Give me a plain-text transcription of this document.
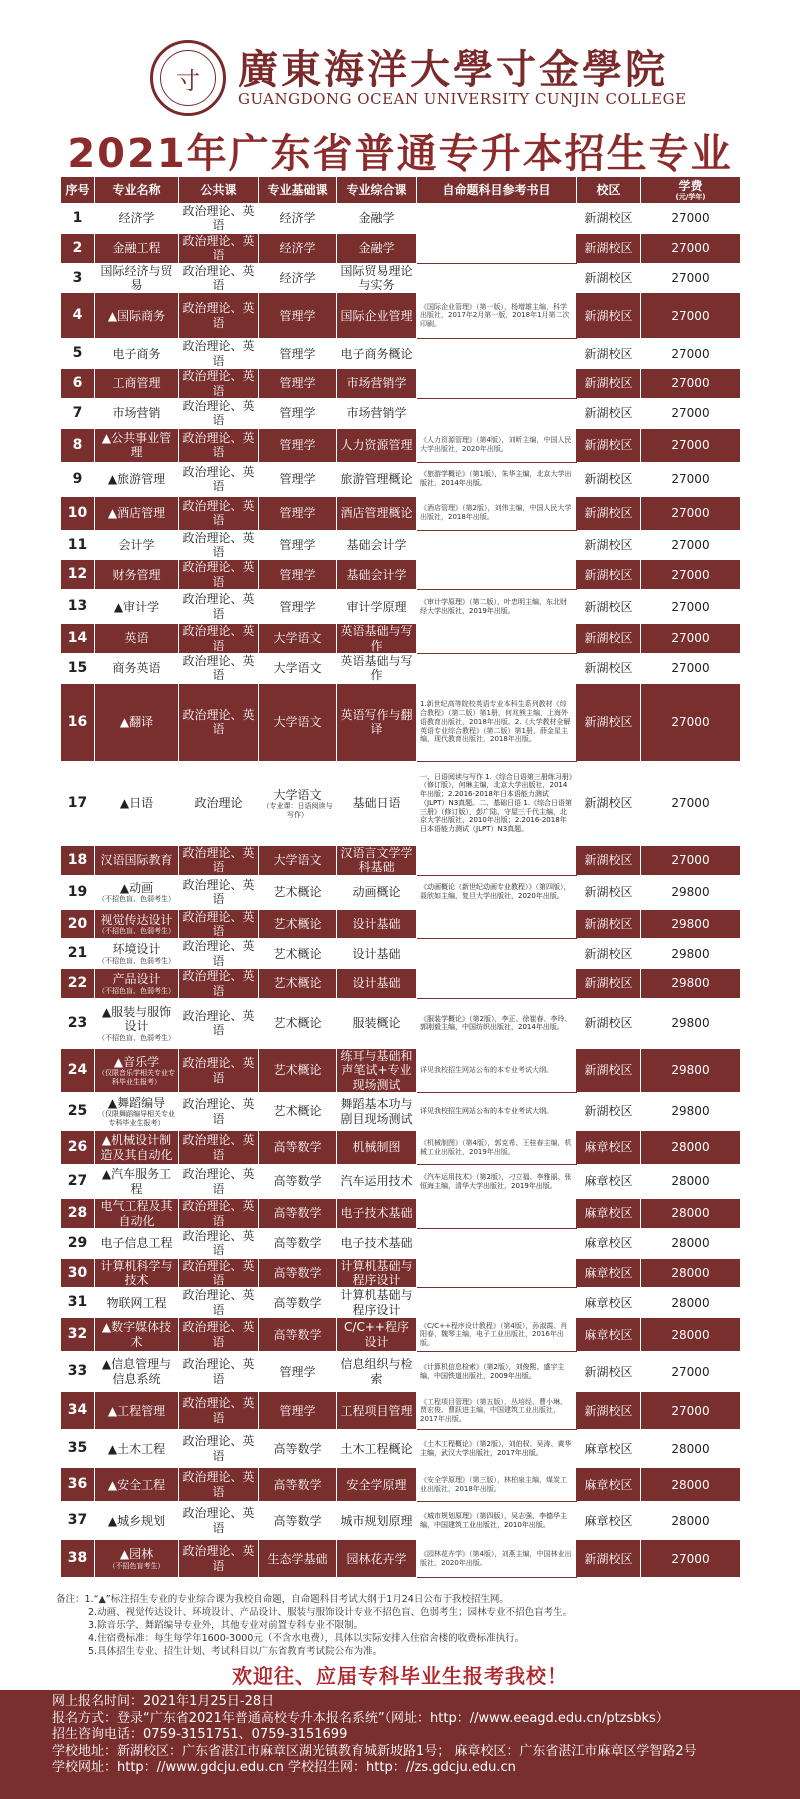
寸 廣東海洋大學寸金學院
GUANGDONG OCEAN UNIVERSITY CUNJIN COLLEGE
2021年广东省普通专升本招生专业
序号	专业名称	公共课	专业基础课	专业综合课	自命题科目参考书目	校区	学费
(元/学年)

1	经济学	政治理论、英语	经济学	金融学		新湖校区	27000
2	金融工程	政治理论、英语	经济学	金融学		新湖校区	27000
3	国际经济与贸易	政治理论、英语	经济学	国际贸易理论与实务		新湖校区	27000
4	▲国际商务	政治理论、英语	管理学	国际企业管理	《国际企业管理》（第一版），杨增雄主编，科学出版社，2017年2月第一版，2018年1月第二次印刷。	新湖校区	27000
5	电子商务	政治理论、英语	管理学	电子商务概论		新湖校区	27000
6	工商管理	政治理论、英语	管理学	市场营销学		新湖校区	27000
7	市场营销	政治理论、英语	管理学	市场营销学		新湖校区	27000
8	▲公共事业管理	政治理论、英语	管理学	人力资源管理	《人力资源管理》（第4版），刘昕主编，中国人民大学出版社，2020年出版。	新湖校区	27000
9	▲旅游管理	政治理论、英语	管理学	旅游管理概论	《旅游学概论》（第1版），朱华主编，北京大学出版社，2014年出版。	新湖校区	27000
10	▲酒店管理	政治理论、英语	管理学	酒店管理概论	《酒店管理》（第2版），刘伟主编，中国人民大学出版社，2018年出版。	新湖校区	27000
11	会计学	政治理论、英语	管理学	基础会计学		新湖校区	27000
12	财务管理	政治理论、英语	管理学	基础会计学		新湖校区	27000
13	▲审计学	政治理论、英语	管理学	审计学原理	《审计学原理》（第二版），叶忠明主编，东北财经大学出版社，2019年出版。	新湖校区	27000
14	英语	政治理论、英语	大学语文	英语基础与写作		新湖校区	27000
15	商务英语	政治理论、英语	大学语文	英语基础与写作		新湖校区	27000
16	▲翻译	政治理论、英语	大学语文	英语写作与翻译	1.新世纪高等院校英语专业本科生系列教材《综合教程》（第二版）第1册，何兆熊主编，上海外语教育出版社，2018年出版。2.《大学教材全解英语专业综合教程》（第二版）第1册，薛金星主编，现代教育出版社，2018年出版。	新湖校区	27000
17	▲日语	政治理论	大学语文
（专业课：日语阅读与写作）	基础日语	一、日语阅读与写作 1.《综合日语第三册练习册》（修订版），何琳主编，北京大学出版社，2014年出版；2.2016-2018年日本语能力测试（JLPT）N3真题。二、基础日语 1.《综合日语第三册》（修订版），彭广陆、守屋三千代主编，北京大学出版社，2010年出版；2.2016-2018年日本语能力测试（JLPT）N3真题。	新湖校区	27000
18	汉语国际教育	政治理论、英语	大学语文	汉语言文学学科基础		新湖校区	27000
19	▲动画
（不招色盲、色弱考生）	政治理论、英语	艺术概论	动画概论	《动画概论（新世纪动画专业教程）》（第四版），聂欣如主编，复旦大学出版社，2020年出版。	新湖校区	29800
20	视觉传达设计
（不招色盲、色弱考生）	政治理论、英语	艺术概论	设计基础		新湖校区	29800
21	环境设计
（不招色盲、色弱考生）	政治理论、英语	艺术概论	设计基础		新湖校区	29800
22	产品设计
（不招色盲、色弱考生）	政治理论、英语	艺术概论	设计基础		新湖校区	29800
23	▲服装与服饰设计
（不招色盲、色弱考生）	政治理论、英语	艺术概论	服装概论	《服装学概论》（第2版），李正、徐崔春、李玲、郭刚毅主编，中国纺织出版社，2014年出版。	新湖校区	29800
24	▲音乐学
（仅限音乐学相关专业专科毕业生报考）	政治理论、英语	艺术概论	练耳与基础和声笔试+专业现场测试	详见我校招生网站公布的本专业考试大纲。	新湖校区	29800
25	▲舞蹈编导
（仅限舞蹈编导相关专业专科毕业生报考）	政治理论、英语	艺术概论	舞蹈基本功与剧目现场测试	详见我校招生网站公布的本专业考试大纲。	新湖校区	29800
26	▲机械设计制造及其自动化	政治理论、英语	高等数学	机械制图	《机械制图》（第4版），郭克希、王桂春主编，机械工业出版社，2019年出版。	麻章校区	28000
27	▲汽车服务工程	政治理论、英语	高等数学	汽车运用技术	《汽车运用技术》（第2版），刁立福、李雅丽、张恒海主编，清华大学出版社，2019年出版。	麻章校区	28000
28	电气工程及其自动化	政治理论、英语	高等数学	电子技术基础		麻章校区	28000
29	电子信息工程	政治理论、英语	高等数学	电子技术基础		麻章校区	28000
30	计算机科学与技术	政治理论、英语	高等数学	计算机基础与程序设计		麻章校区	28000
31	物联网工程	政治理论、英语	高等数学	计算机基础与程序设计		麻章校区	28000
32	▲数字媒体技术	政治理论、英语	高等数学	C/C++程序设计	《C/C++程序设计教程》（第4版），孙淑霞、肖阳春、魏琴主编，电子工业出版社，2016年出版。	麻章校区	28000
33	▲信息管理与信息系统	政治理论、英语	管理学	信息组织与检索	《计算机信息检索》（第2版），刘俊熙、盛宇主编，中国铁道出版社，2009年出版。	新湖校区	27000
34	▲工程管理	政治理论、英语	管理学	工程项目管理	《工程项目管理》（第五版），丛培经、曹小琳、贾宏俊、曹跃进主编，中国建筑工业出版社，2017年出版。	新湖校区	27000
35	▲土木工程	政治理论、英语	高等数学	土木工程概论	《土木工程概论》（第2版），刘伯权、吴涛、黄华主编，武汉大学出版社，2017年出版。	麻章校区	28000
36	▲安全工程	政治理论、英语	高等数学	安全学原理	《安全学原理》（第三版），林柏泉主编，煤炭工业出版社，2018年出版。	麻章校区	28000
37	▲城乡规划	政治理论、英语	高等数学	城市规划原理	《城市规划原理》（第四版），吴志强、李德华主编，中国建筑工业出版社，2010年出版。	麻章校区	28000
38	▲园林
（不招色盲考生）	政治理论、英语	生态学基础	园林花卉学	《园林花卉学》（第4版），刘燕主编，中国林业出版社，2020年出版。	新湖校区	27000
备注：1.“▲”标注招生专业的专业综合课为我校自命题，自命题科目考试大纲于1月24日公布于我校招生网。
2.动画、视觉传达设计、环境设计、产品设计、服装与服饰设计专业不招色盲、色弱考生；园林专业不招色盲考生。
3.除音乐学、舞蹈编导专业外，其他专业对前置专科专业不限制。
4.住宿费标准：每生每学年1600-3000元（不含水电费），具体以实际安排入住宿舍楼的收费标准执行。
5.具体招生专业、招生计划、考试科目以广东省教育考试院公布为准。
欢迎往、应届专科毕业生报考我校！
网上报名时间：2021年1月25日-28日
报名方式：登录“广东省2021年普通高校专升本报名系统”（网址：http：//www.eeagd.edu.cn/ptzsbks）
招生咨询电话：0759-3151751、0759-3151699
学校地址：新湖校区：广东省湛江市麻章区湖光镇教育城新坡路1号； 麻章校区：广东省湛江市麻章区学智路2号
学校网址：http：//www.gdcju.edu.cn 学校招生网：http：//zs.gdcju.edu.cn
